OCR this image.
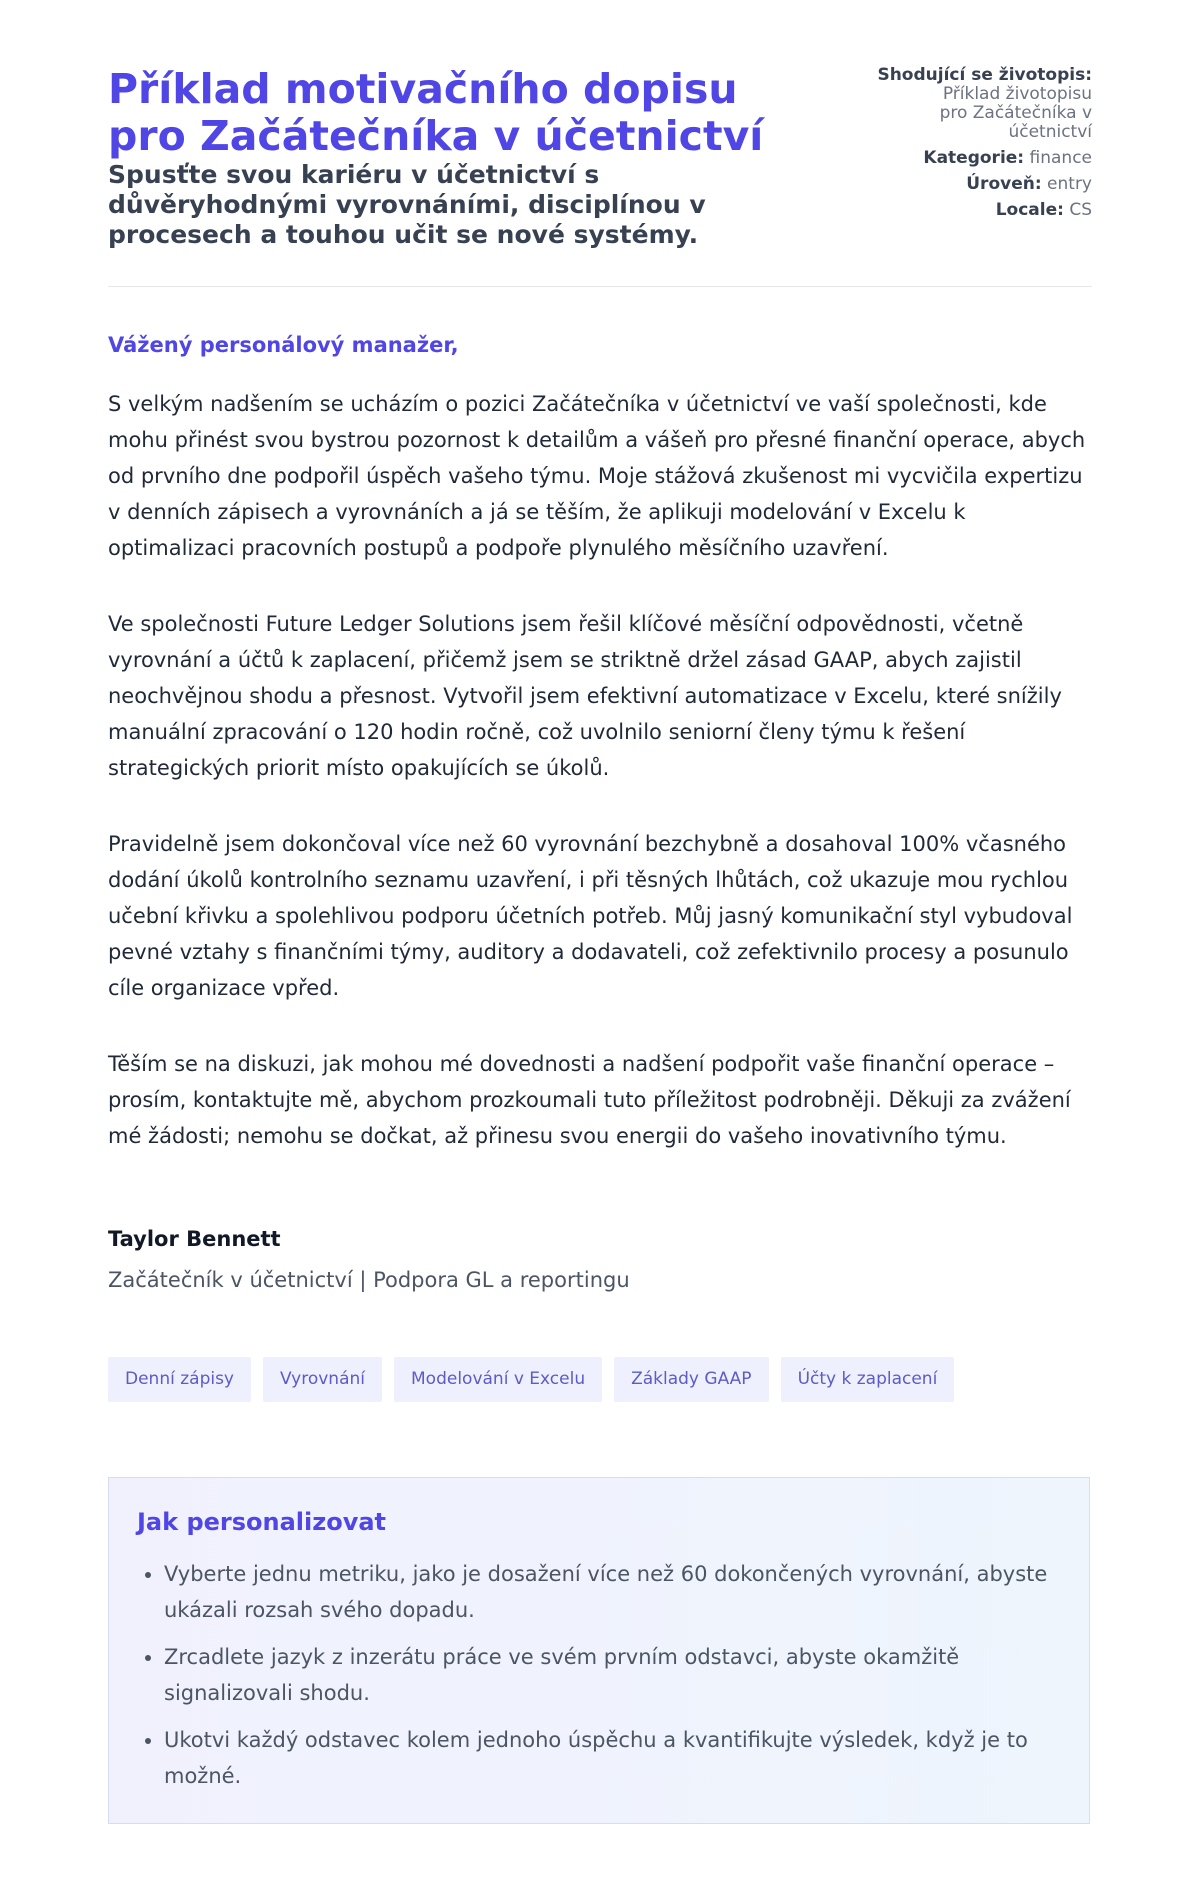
Příklad motivačního dopisu pro Začátečníka v účetnictví
Spusťte svou kariéru v účetnictví s důvěryhodnými vyrovnáními, disciplínou v procesech a touhou učit se nové systémy.
Shodující se životopis:
Příklad životopisu pro Začátečníka v účetnictví
Kategorie: finance
Úroveň: entry
Locale: CS

Vážený personálový manažer,

S velkým nadšením se ucházím o pozici Začátečníka v účetnictví ve vaší společnosti, kde mohu přinést svou bystrou pozornost k detailům a vášeň pro přesné finanční operace, abych od prvního dne podpořil úspěch vašeho týmu. Moje stážová zkušenost mi vycvičila expertizu v denních zápisech a vyrovnáních a já se těším, že aplikuji modelování v Excelu k optimalizaci pracovních postupů a podpoře plynulého měsíčního uzavření.

Ve společnosti Future Ledger Solutions jsem řešil klíčové měsíční odpovědnosti, včetně vyrovnání a účtů k zaplacení, přičemž jsem se striktně držel zásad GAAP, abych zajistil neochvějnou shodu a přesnost. Vytvořil jsem efektivní automatizace v Excelu, které snížily manuální zpracování o 120 hodin ročně, což uvolnilo seniorní členy týmu k řešení strategických priorit místo opakujících se úkolů.

Pravidelně jsem dokončoval více než 60 vyrovnání bezchybně a dosahoval 100% včasného dodání úkolů kontrolního seznamu uzavření, i při těsných lhůtách, což ukazuje mou rychlou učební křivku a spolehlivou podporu účetních potřeb. Můj jasný komunikační styl vybudoval pevné vztahy s finančními týmy, auditory a dodavateli, což zefektivnilo procesy a posunulo cíle organizace vpřed.

Těším se na diskuzi, jak mohou mé dovednosti a nadšení podpořit vaše finanční operace – prosím, kontaktujte mě, abychom prozkoumali tuto příležitost podrobněji. Děkuji za zvážení mé žádosti; nemohu se dočkat, až přinesu svou energii do vašeho inovativního týmu.

Taylor Bennett

Začátečník v účetnictví | Podpora GL a reportingu

Denní zápisy	Vyrovnání	Modelování v Excelu	Základy GAAP	Účty k zaplacení
Jak personalizovat
• Vyberte jednu metriku, jako je dosažení více než 60 dokončených vyrovnání, abyste ukázali rozsah svého dopadu.
• Zrcadlete jazyk z inzerátu práce ve svém prvním odstavci, abyste okamžitě signalizovali shodu.
• Ukotvi každý odstavec kolem jednoho úspěchu a kvantifikujte výsledek, když je to možné.
